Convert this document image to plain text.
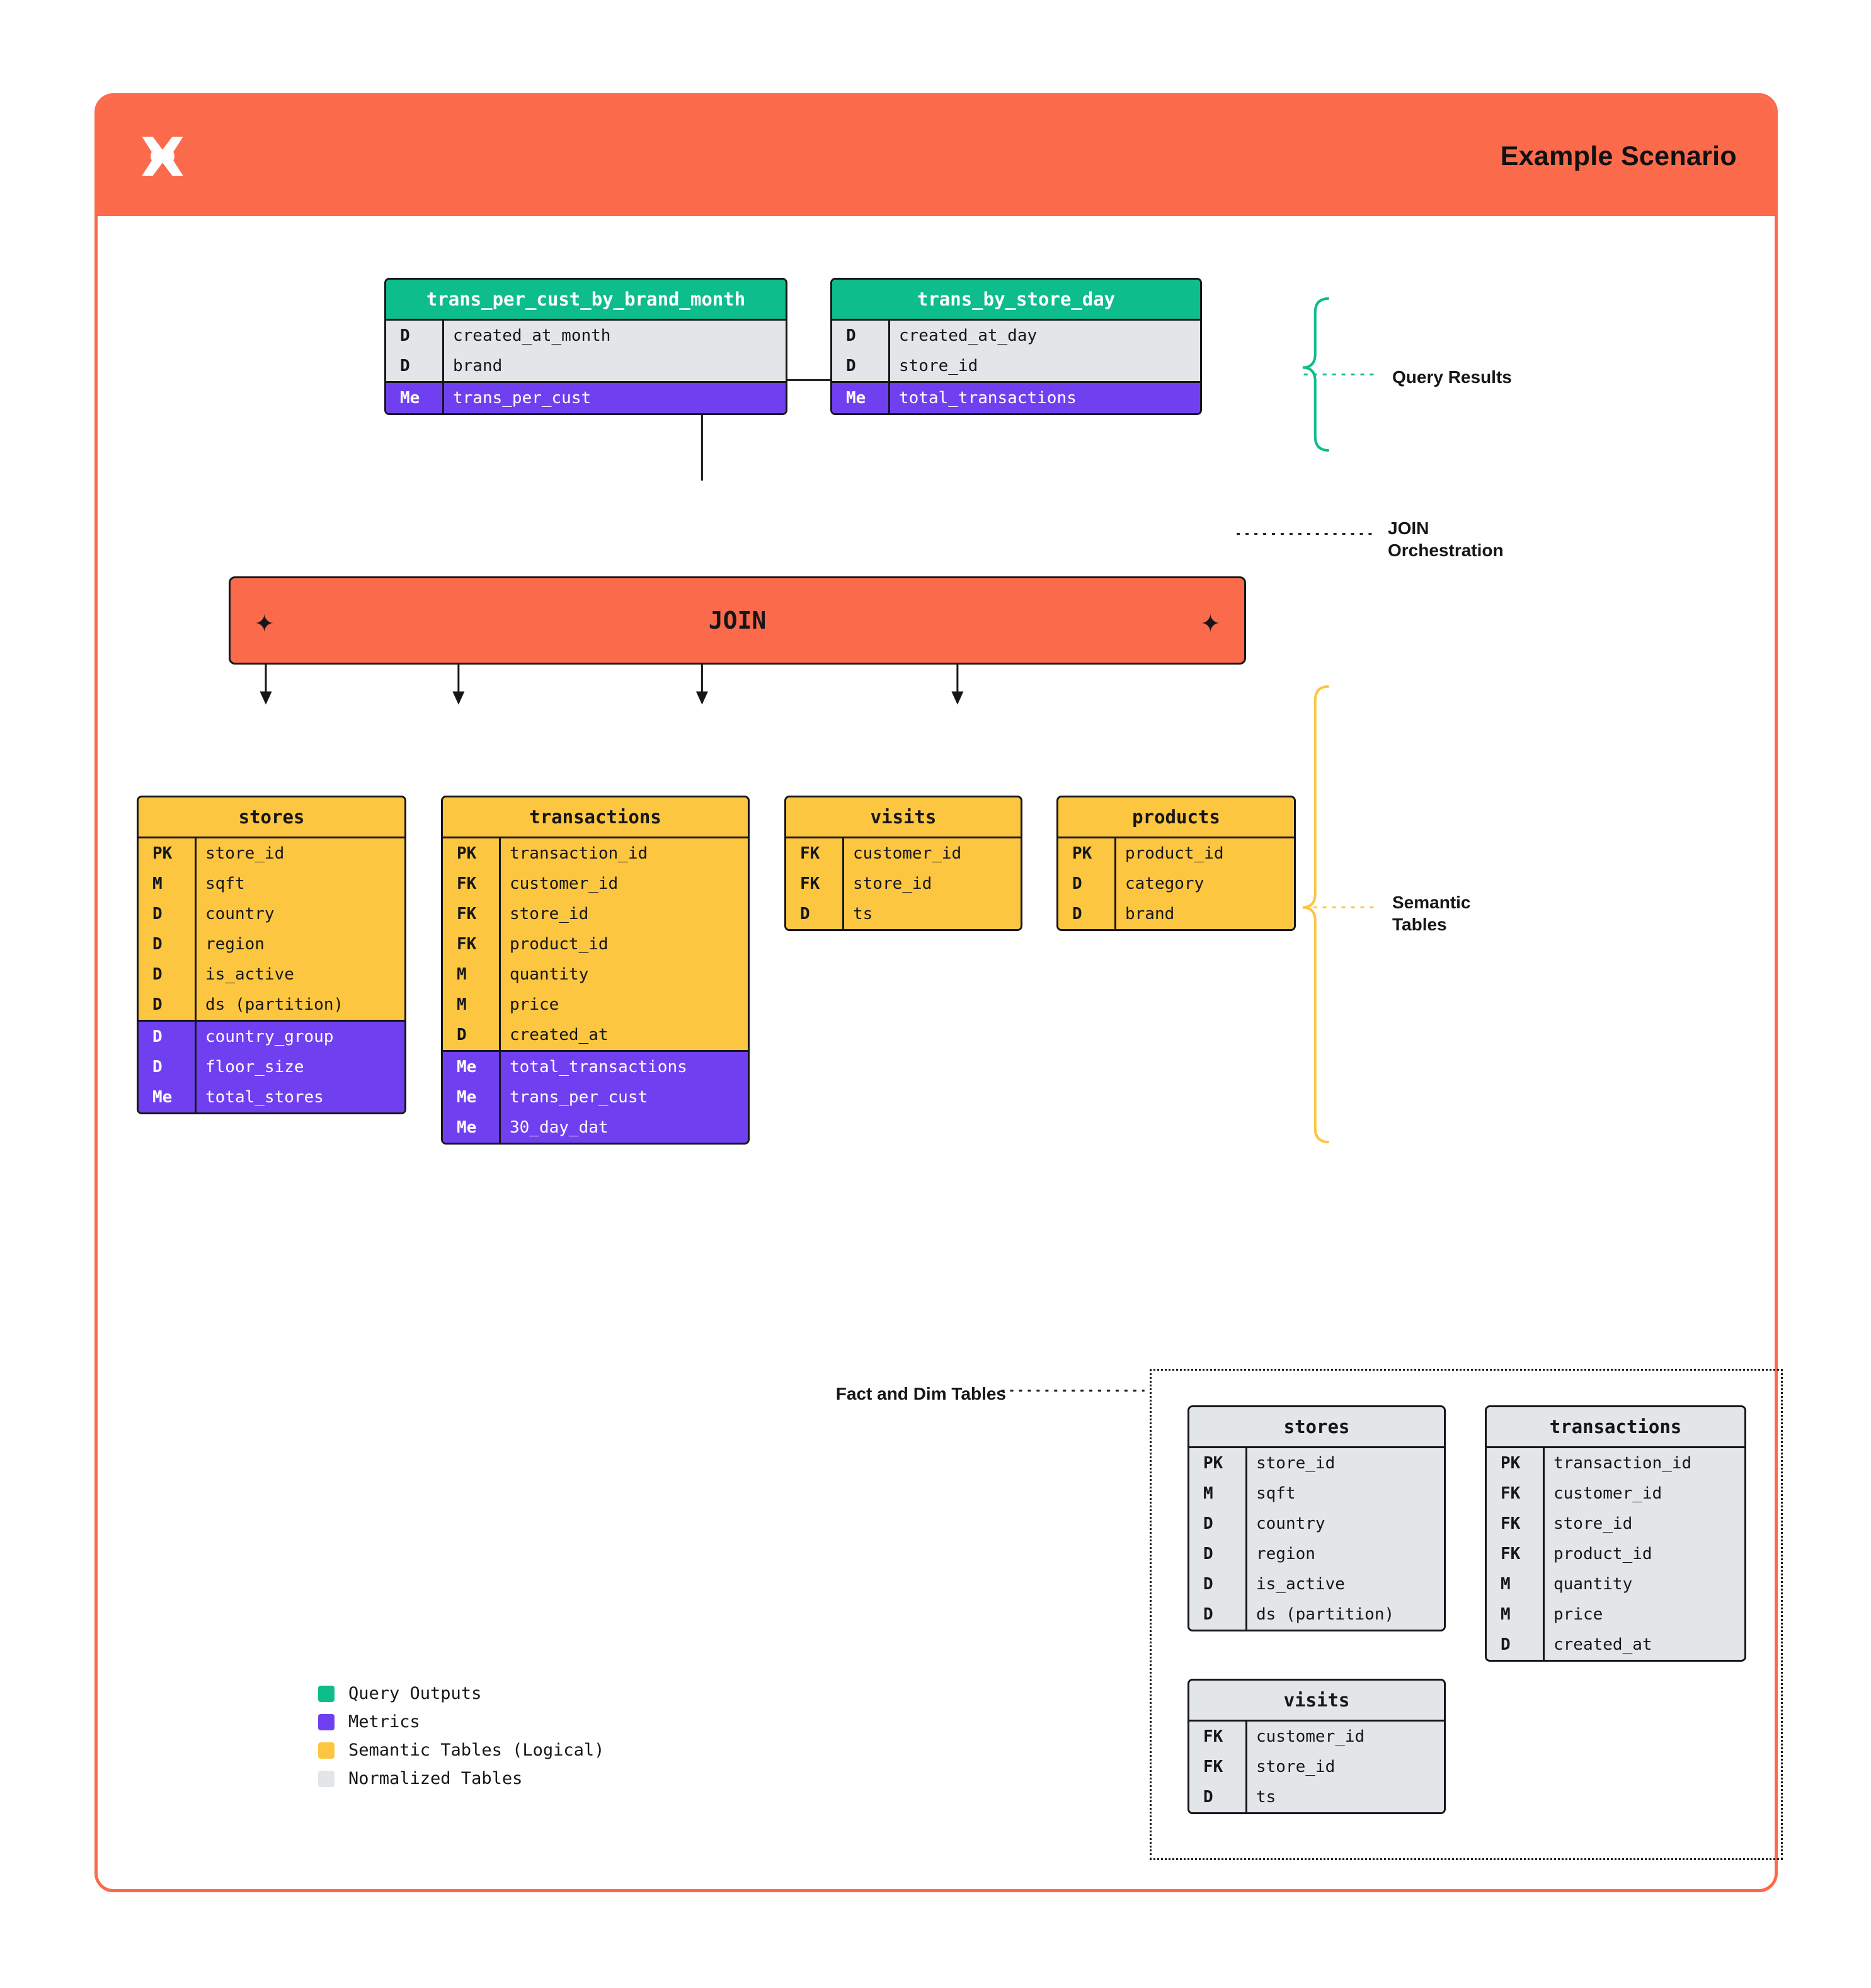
Example Scenario
trans_per_cust_by_brand_month
D	created_at_month
D	brand
Me	trans_per_cust
trans_by_store_day
D	created_at_day
D	store_id
Me	total_transactions
✦	JOIN	✦
stores
PK	store_id
M	sqft
D	country
D	region
D	is_active
D	ds (partition)
D	country_group
D	floor_size
Me	total_stores
transactions
PK	transaction_id
FK	customer_id
FK	store_id
FK	product_id
M	quantity
M	price
D	created_at
Me	total_transactions
Me	trans_per_cust
Me	30_day_dat
visits
FK	customer_id
FK	store_id
D	ts
products
PK	product_id
D	category
D	brand
stores
PK	store_id
M	sqft
D	country
D	region
D	is_active
D	ds (partition)
transactions
PK	transaction_id
FK	customer_id
FK	store_id
FK	product_id
M	quantity
M	price
D	created_at
visits
FK	customer_id
FK	store_id
D	ts
Query Results
JOIN
Orchestration
Semantic
Tables
Fact and Dim Tables
Query Outputs
Metrics
Semantic Tables (Logical)
Normalized Tables
